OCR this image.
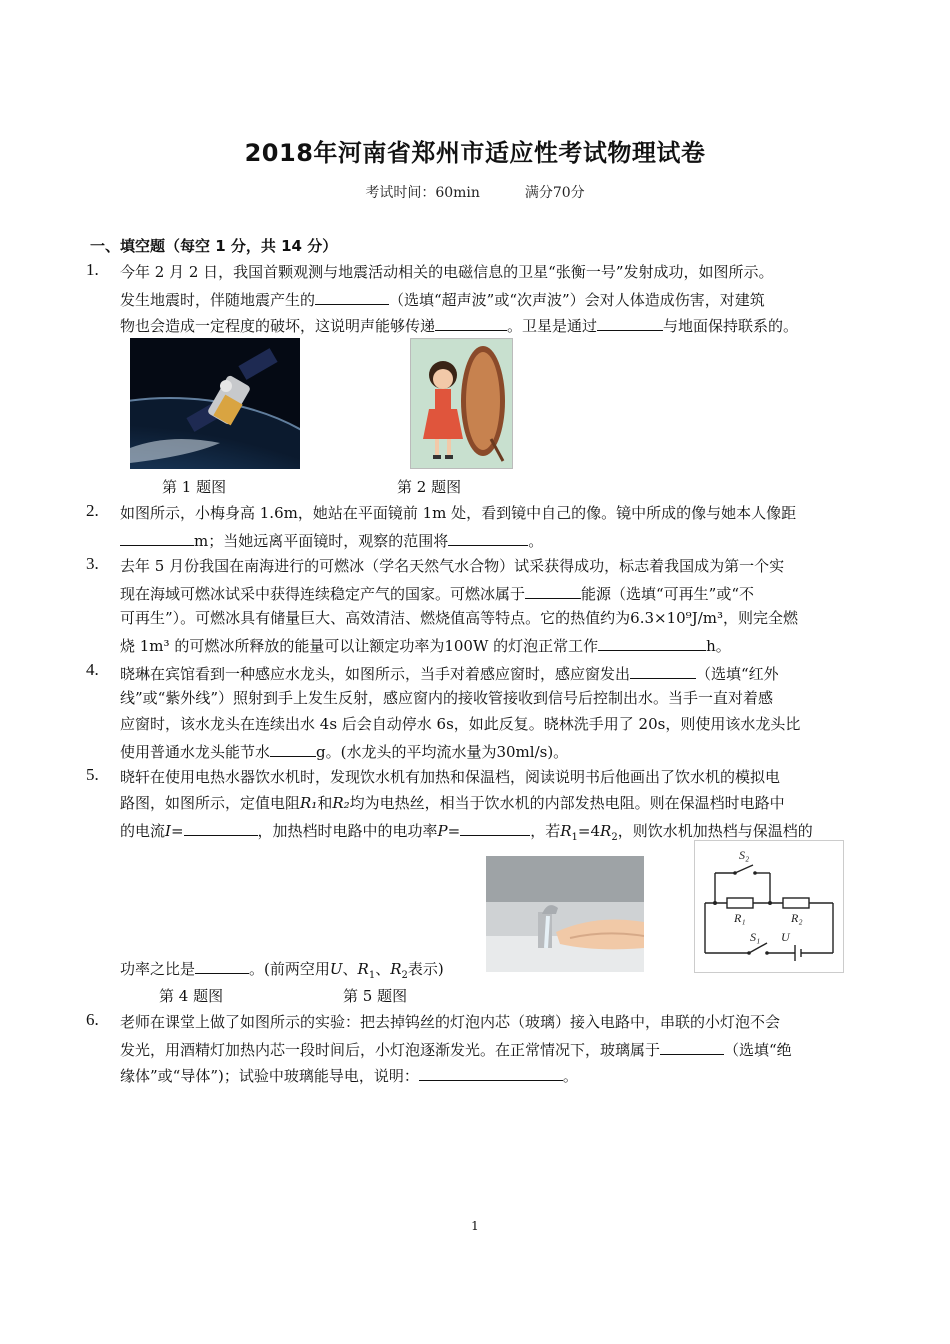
2018年河南省郑州市适应性考试物理试卷
考试时间：60min	满分70分
一、填空题（每空 1 分，共 14 分）
1. 今年 2 月 2 日，我国首颗观测与地震活动相关的电磁信息的卫星“张衡一号”发射成功，如图所示。
发生地震时，伴随地震产生的	（选填“超声波”或“次声波”）会对人体造成伤害，对建筑
物也会造成一定程度的破坏，这说明声能够传递	。卫星是通过	与地面保持联系的。
第 1 题图	第 2 题图
2. 如图所示，小梅身高 1.6m，她站在平面镜前 1m 处，看到镜中自己的像。镜中所成的像与她本人像距
m；当她远离平面镜时，观察的范围将	。
3. 去年 5 月份我国在南海进行的可燃冰（学名天然气水合物）试采获得成功，标志着我国成为第一个实
现在海域可燃冰试采中获得连续稳定产气的国家。可燃冰属于	能源（选填“可再生”或“不
可再生”）。可燃冰具有储量巨大、高效清洁、燃烧值高等特点。它的热值约为6.3×10⁹J/m³，则完全燃
烧 1m³ 的可燃冰所释放的能量可以让额定功率为100W 的灯泡正常工作	h。
4. 晓琳在宾馆看到一种感应水龙头，如图所示，当手对着感应窗时，感应窗发出	（选填“红外
线”或“紫外线”）照射到手上发生反射，感应窗内的接收管接收到信号后控制出水。当手一直对着感
应窗时，该水龙头在连续出水 4s 后会自动停水 6s，如此反复。晓林洗手用了 20s，则使用该水龙头比
使用普通水龙头能节水	g。(水龙头的平均流水量为30ml/s)。
5. 晓轩在使用电热水器饮水机时，发现饮水机有加热和保温档，阅读说明书后他画出了饮水机的模拟电
路图，如图所示，定值电阻R₁和R₂均为电热丝，相当于饮水机的内部发热电阻。则在保温档时电路中
的电流I=	，加热档时电路中的电功率P=	，若$R_1=4R_2$，则饮水机加热档与保温档的
S₂
R₁	R₂
S₁ U
功率之比是	。(前两空用U、$R_1$、$R_2$表示)
第 4 题图	第 5 题图
6. 老师在课堂上做了如图所示的实验：把去掉钨丝的灯泡内芯（玻璃）接入电路中，串联的小灯泡不会
发光，用酒精灯加热内芯一段时间后，小灯泡逐渐发光。在正常情况下，玻璃属于	（选填“绝
缘体”或“导体”)；试验中玻璃能导电，说明：	。
1
